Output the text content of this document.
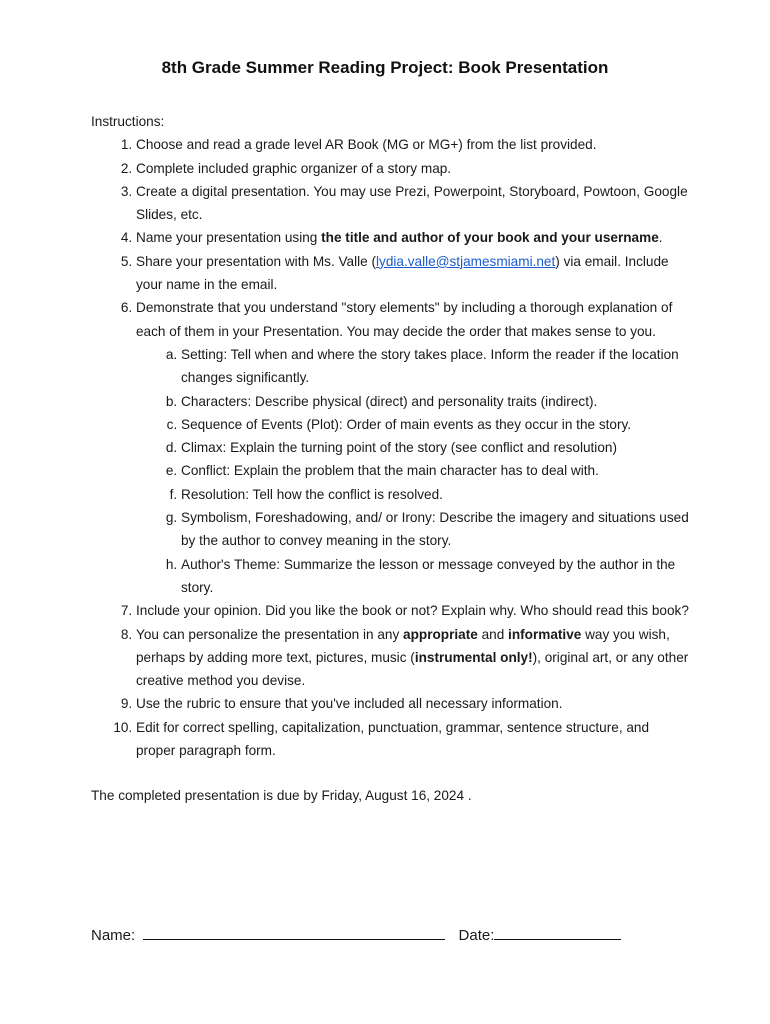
8th Grade Summer Reading Project: Book Presentation

Instructions:

1. Choose and read a grade level AR Book (MG or MG+) from the list provided.
2. Complete included graphic organizer of a story map.
3. Create a digital presentation. You may use Prezi, Powerpoint, Storyboard, Powtoon, Google Slides, etc.
4. Name your presentation using the title and author of your book and your username.
5. Share your presentation with Ms. Valle (lydia.valle@stjamesmiami.net) via email. Include your name in the email.
6. Demonstrate that you understand "story elements" by including a thorough explanation of each of them in your Presentation. You may decide the order that makes sense to you.
a. Setting: Tell when and where the story takes place. Inform the reader if the location changes significantly.
b. Characters: Describe physical (direct) and personality traits (indirect).
c. Sequence of Events (Plot): Order of main events as they occur in the story.
d. Climax: Explain the turning point of the story (see conflict and resolution)
e. Conflict: Explain the problem that the main character has to deal with.
f. Resolution: Tell how the conflict is resolved.
g. Symbolism, Foreshadowing, and/ or Irony: Describe the imagery and situations used by the author to convey meaning in the story.
h. Author's Theme: Summarize the lesson or message conveyed by the author in the story.
7. Include your opinion. Did you like the book or not? Explain why. Who should read this book?
8. You can personalize the presentation in any appropriate and informative way you wish, perhaps by adding more text, pictures, music (instrumental only!), original art, or any other creative method you devise.
9. Use the rubric to ensure that you've included all necessary information.
10. Edit for correct spelling, capitalization, punctuation, grammar, sentence structure, and proper paragraph form.

The completed presentation is due by Friday, August 16, 2024 .

Name:	Date:
